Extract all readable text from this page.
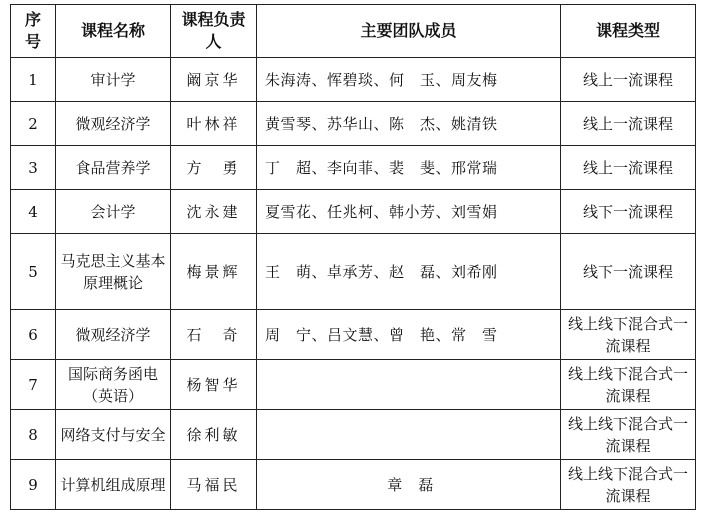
序号	课程名称	课程负责人	主要团队成员	课程类型
1	审计学	阚京华	朱海涛、恽碧琰、何　玉、周友梅	线上一流课程
2	微观经济学	叶林祥	黄雪琴、苏华山、陈　杰、姚清铁	线上一流课程
3	食品营养学	方　勇	丁　超、李向菲、裴　斐、邢常瑞	线上一流课程
4	会计学	沈永建	夏雪花、任兆柯、韩小芳、刘雪娟	线下一流课程
5	马克思主义基本原理概论	梅景辉	王　萌、卓承芳、赵　磊、刘希刚	线下一流课程
6	微观经济学	石　奇	周　宁、吕文慧、曾　艳、常　雪	线上线下混合式一流课程
7	国际商务函电（英语）	杨智华		线上线下混合式一流课程
8	网络支付与安全	徐利敏		线上线下混合式一流课程
9	计算机组成原理	马福民	章　磊	线上线下混合式一流课程
